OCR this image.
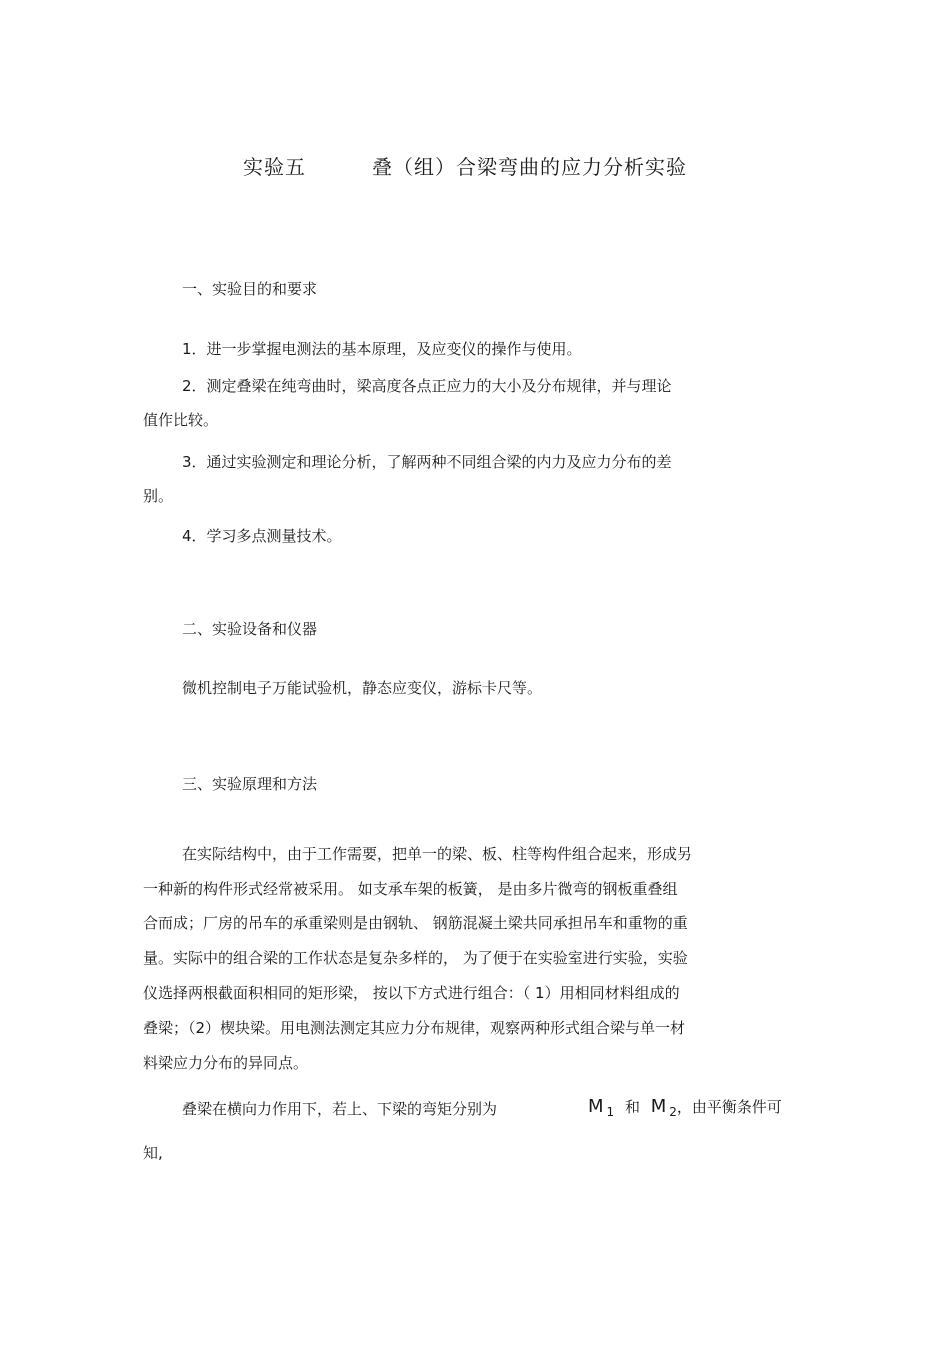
实验五	叠（组）合梁弯曲的应力分析实验
一、实验目的和要求
1．进一步掌握电测法的基本原理，及应变仪的操作与使用。
2．测定叠梁在纯弯曲时，梁高度各点正应力的大小及分布规律，并与理论
值作比较。
3．通过实验测定和理论分析，了解两种不同组合梁的内力及应力分布的差
别。
4．学习多点测量技术。
二、实验设备和仪器
微机控制电子万能试验机，静态应变仪，游标卡尺等。
三、实验原理和方法
在实际结构中，由于工作需要，把单一的梁、板、柱等构件组合起来，形成另
一种新的构件形式经常被采用。 如支承车架的板簧， 是由多片微弯的钢板重叠组
合而成；厂房的吊车的承重梁则是由钢轨、 钢筋混凝土梁共同承担吊车和重物的重
量。实际中的组合梁的工作状态是复杂多样的， 为了便于在实验室进行实验，实验
仪选择两根截面积相同的矩形梁， 按以下方式进行组合：（ 1）用相同材料组成的
叠梁；（2）楔块梁。用电测法测定其应力分布规律，观察两种形式组合梁与单一材
料梁应力分布的异同点。
叠梁在横向力作用下，若上、下梁的弯矩分别为	M $_1$ 和 M $_2$，由平衡条件可
知,
